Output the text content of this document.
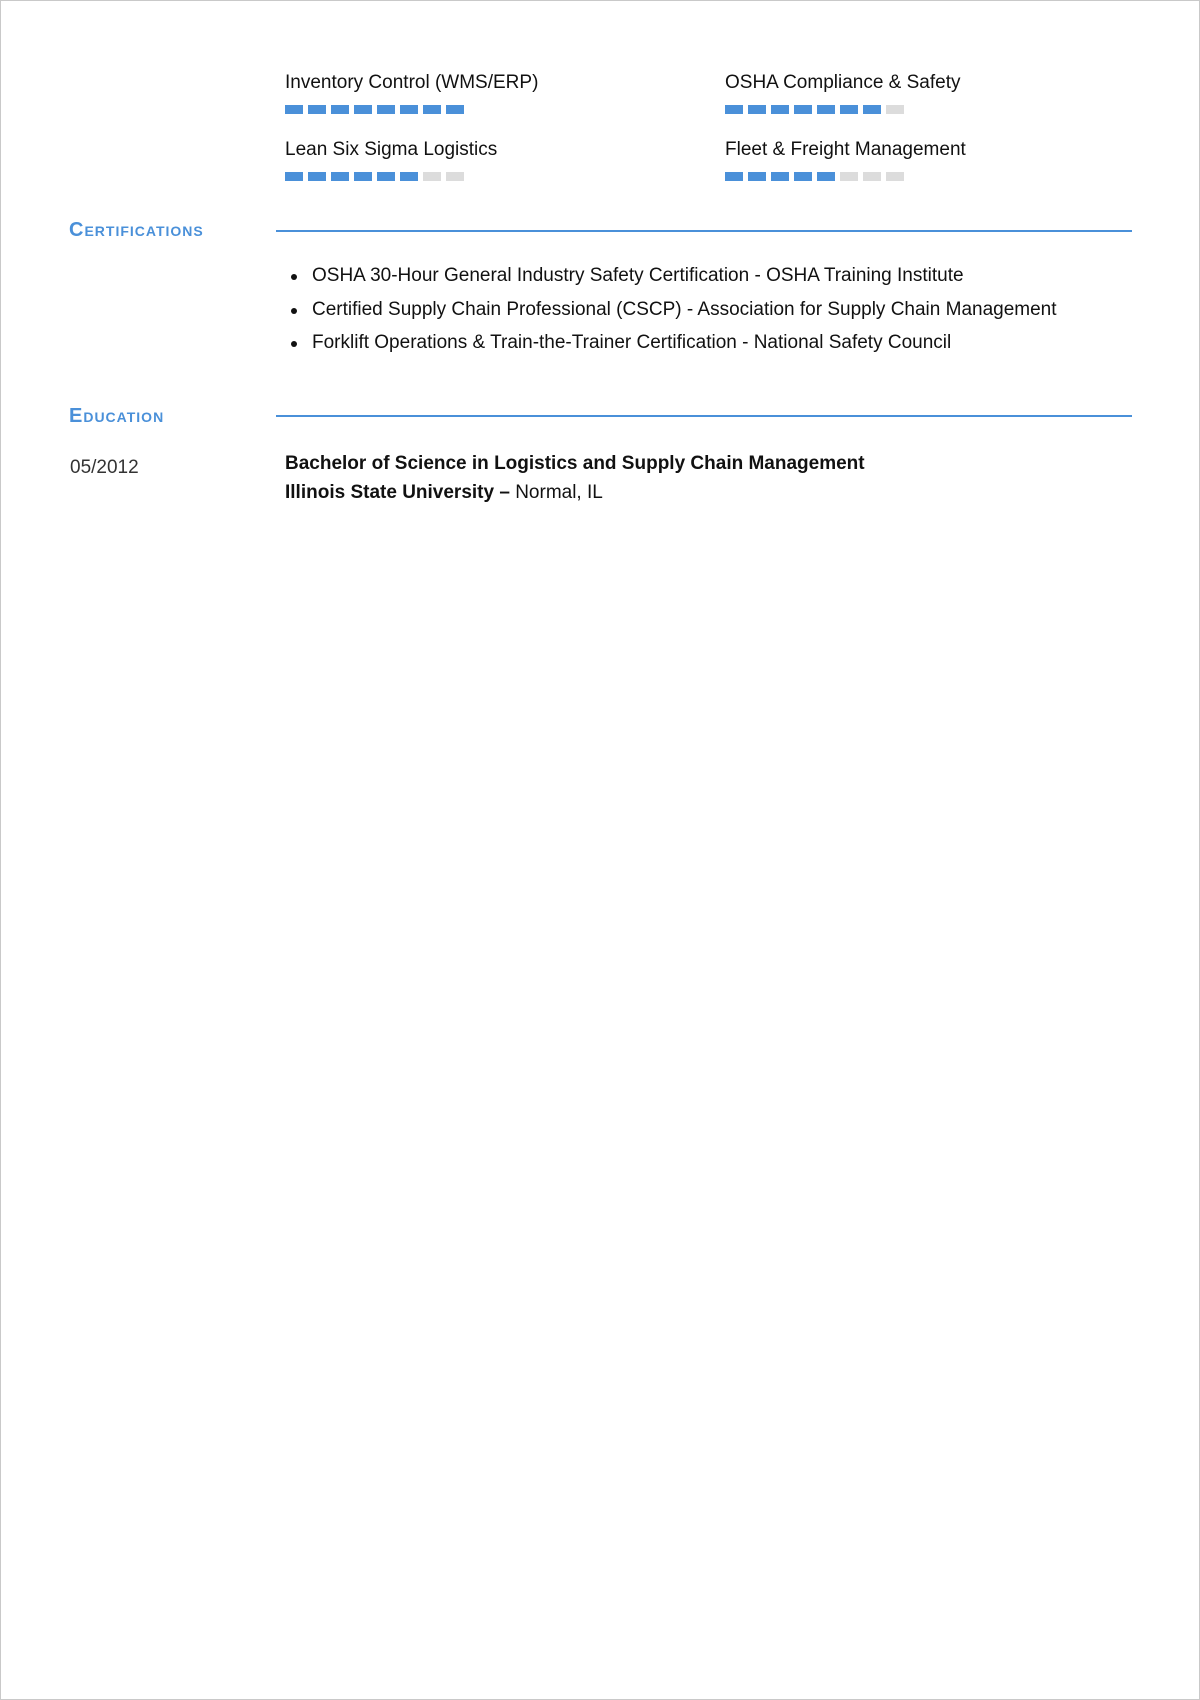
Inventory Control (WMS/ERP)	OSHA Compliance & Safety
Lean Six Sigma Logistics	Fleet & Freight Management
Certifications
OSHA 30-Hour General Industry Safety Certification - OSHA Training Institute
Certified Supply Chain Professional (CSCP) - Association for Supply Chain Management
Forklift Operations & Train-the-Trainer Certification - National Safety Council
Education
05/2012	Bachelor of Science in Logistics and Supply Chain Management
Illinois State University – Normal, IL
